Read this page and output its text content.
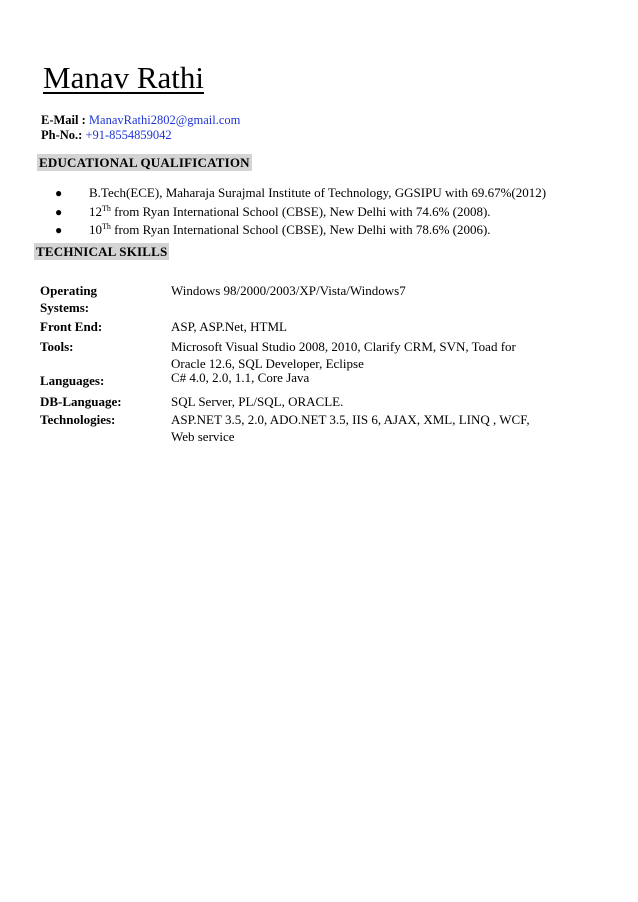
Manav Rathi
E-Mail : ManavRathi2802@gmail.com
Ph-No.: +91-8554859042
EDUCATIONAL QUALIFICATION
● B.Tech(ECE), Maharaja Surajmal Institute of Technology, GGSIPU with 69.67%(2012)
● 12Th from Ryan International School (CBSE), New Delhi with 74.6% (2008).
● 10Th from Ryan International School (CBSE), New Delhi with 78.6% (2006).
TECHNICAL SKILLS
Operating Systems:
Windows 98/2000/2003/XP/Vista/Windows7
Front End:	ASP, ASP.Net, HTML
Tools:	Microsoft Visual Studio 2008, 2010, Clarify CRM, SVN, Toad for Oracle 12.6, SQL Developer, Eclipse
Languages:	C# 4.0, 2.0, 1.1, Core Java
DB-Language:	SQL Server, PL/SQL, ORACLE.
Technologies:	ASP.NET 3.5, 2.0, ADO.NET 3.5, IIS 6, AJAX, XML, LINQ , WCF, Web service
